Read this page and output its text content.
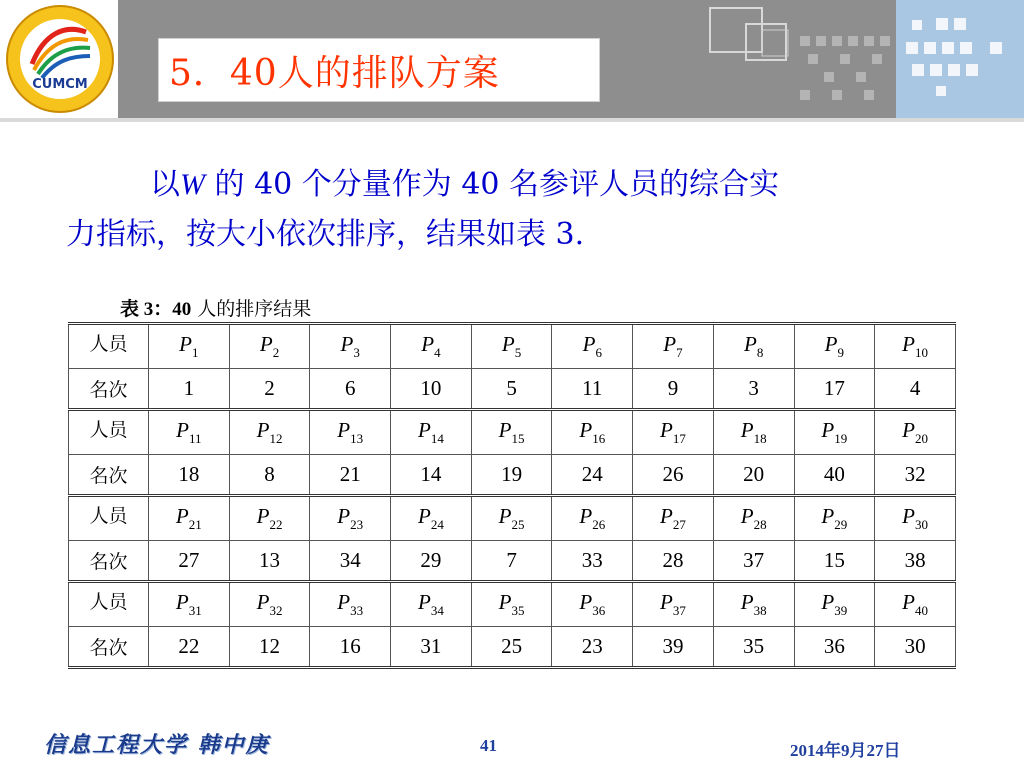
CUMCM 5．40人的排队方案
以W 的 40 个分量作为 40 名参评人员的综合实
力指标，按大小依次排序，结果如表 3.
表 3：40 人的排序结果
人员	$P_1$	$P_2$	$P_3$	$P_4$	$P_5$	$P_6$	$P_7$	$P_8$	$P_9$	$P_{10}$
名次	1	2	6	10	5	11	9	3	17	4
人员	$P_{11}$	$P_{12}$	$P_{13}$	$P_{14}$	$P_{15}$	$P_{16}$	$P_{17}$	$P_{18}$	$P_{19}$	$P_{20}$
名次	18	8	21	14	19	24	26	20	40	32
人员	$P_{21}$	$P_{22}$	$P_{23}$	$P_{24}$	$P_{25}$	$P_{26}$	$P_{27}$	$P_{28}$	$P_{29}$	$P_{30}$
名次	27	13	34	29	7	33	28	37	15	38
人员	$P_{31}$	$P_{32}$	$P_{33}$	$P_{34}$	$P_{35}$	$P_{36}$	$P_{37}$	$P_{38}$	$P_{39}$	$P_{40}$
名次	22	12	16	31	25	23	39	35	36	30
信息工程大学 韩中庚	41	2014年9月27日
